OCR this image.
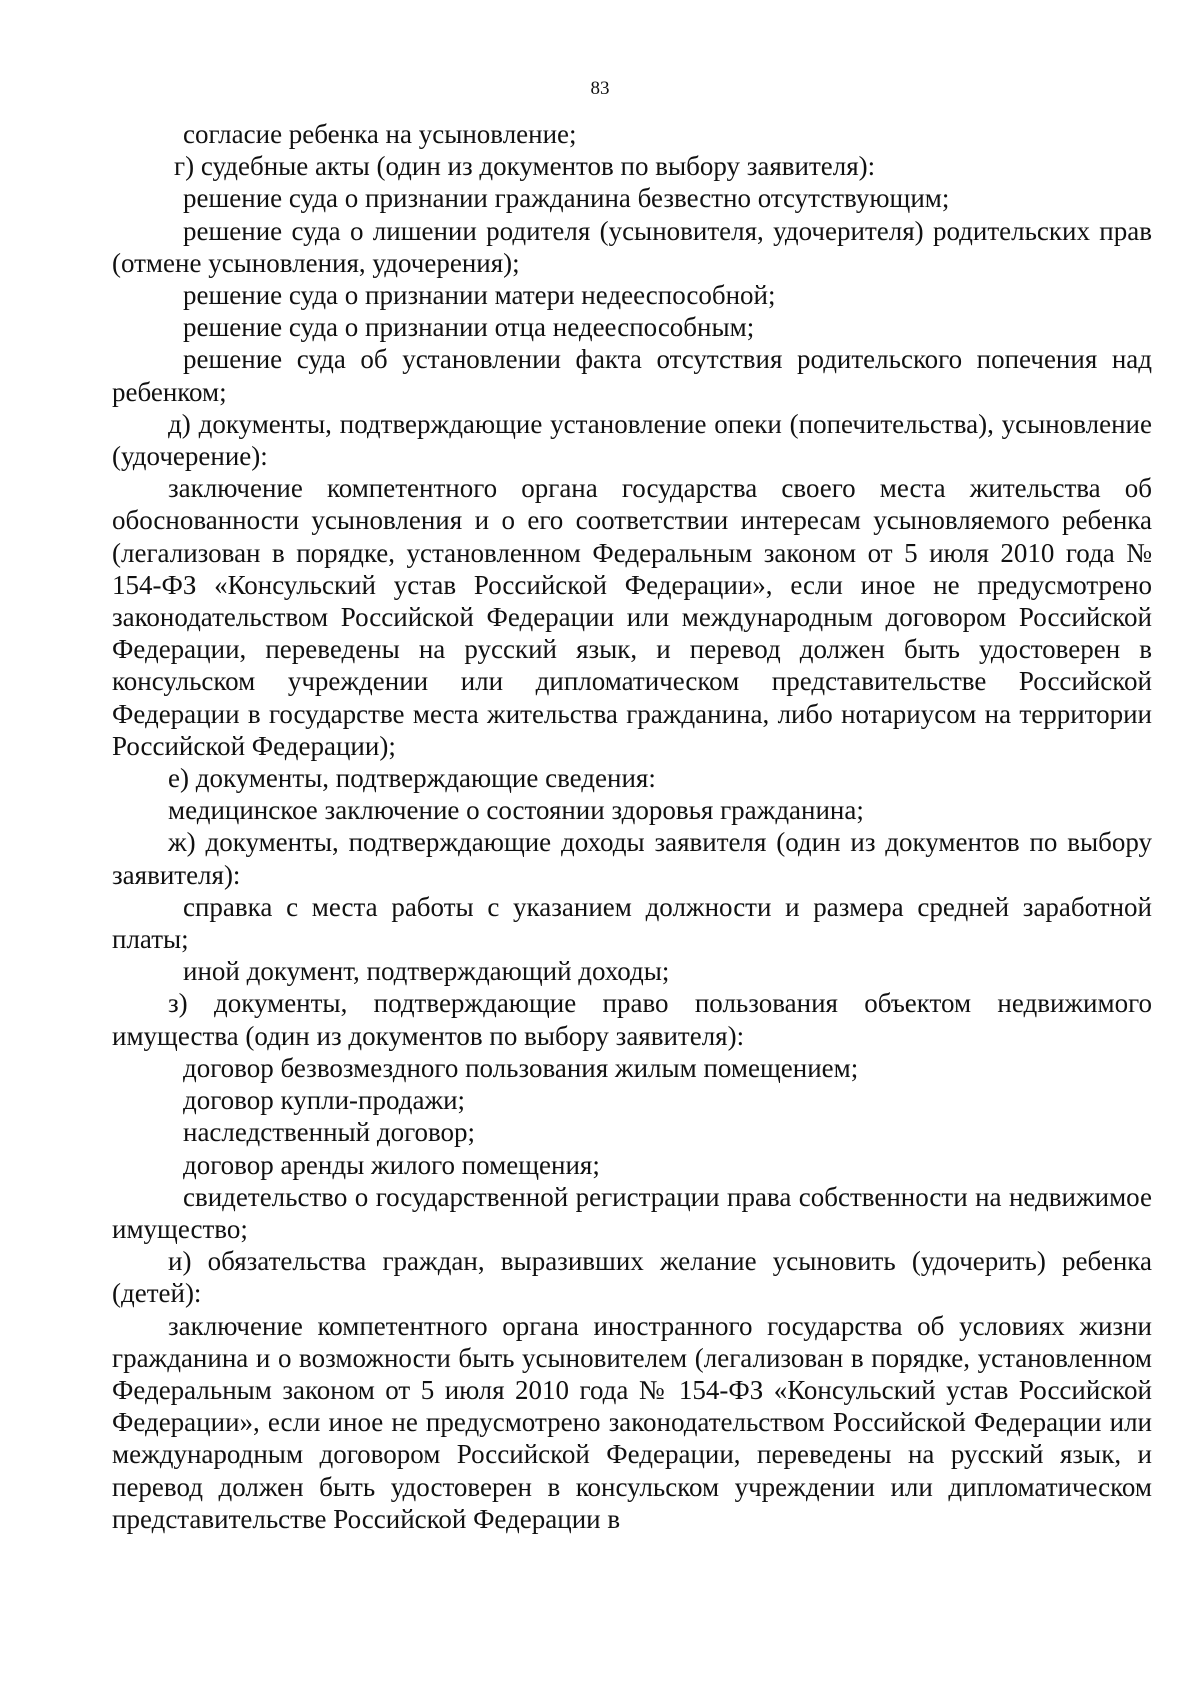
83

согласие ребенка на усыновление;

г) судебные акты (один из документов по выбору заявителя):

решение суда о признании гражданина безвестно отсутствующим;

решение суда о лишении родителя (усыновителя, удочерителя) родительских прав (отмене усыновления, удочерения);

решение суда о признании матери недееспособной;

решение суда о признании отца недееспособным;

решение суда об установлении факта отсутствия родительского попечения над ребенком;

д) документы, подтверждающие установление опеки (попечительства), усыновление (удочерение):

заключение компетентного органа государства своего места жительства об обоснованности усыновления и о его соответствии интересам усыновляемого ребенка (легализован в порядке, установленном Федеральным законом от 5 июля 2010 года № 154-ФЗ «Консульский устав Российской Федерации», если иное не предусмотрено законодательством Российской Федерации или международным договором Российской Федерации, переведены на русский язык, и перевод должен быть удостоверен в консульском учреждении или дипломатическом представительстве Российской Федерации в государстве места жительства гражданина, либо нотариусом на территории Российской Федерации);

е) документы, подтверждающие сведения:

медицинское заключение о состоянии здоровья гражданина;

ж) документы, подтверждающие доходы заявителя (один из документов по выбору заявителя):

справка с места работы с указанием должности и размера средней заработной платы;

иной документ, подтверждающий доходы;

з) документы, подтверждающие право пользования объектом недвижимого имущества (один из документов по выбору заявителя):

договор безвозмездного пользования жилым помещением;

договор купли-продажи;

наследственный договор;

договор аренды жилого помещения;

свидетельство о государственной регистрации права собственности на недвижимое имущество;

и) обязательства граждан, выразивших желание усыновить (удочерить) ребенка (детей):

заключение компетентного органа иностранного государства об условиях жизни гражданина и о возможности быть усыновителем (легализован в порядке, установленном Федеральным законом от 5 июля 2010 года № 154-ФЗ «Консульский устав Российской Федерации», если иное не предусмотрено законодательством Российской Федерации или международным договором Российской Федерации, переведены на русский язык, и перевод должен быть удостоверен в консульском учреждении или дипломатическом представительстве Российской Федерации в
